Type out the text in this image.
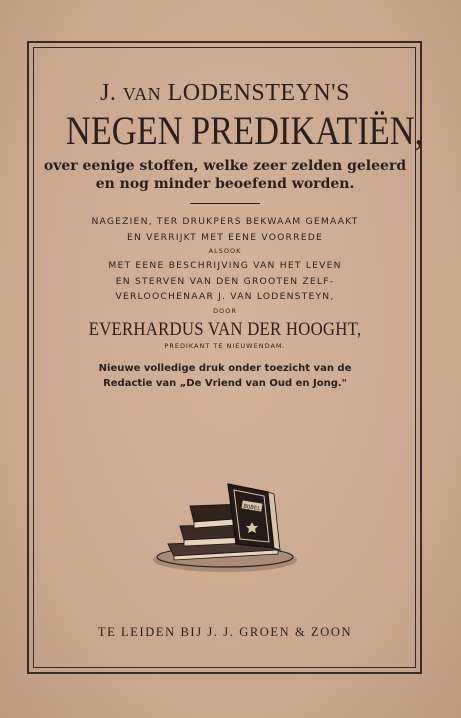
J. VAN LODENSTEYN'S

NEGEN PREDIKATIËN,

over eenige stoffen, welke zeer zelden geleerd
en nog minder beoefend worden.

NAGEZIEN, TER DRUKPERS BEKWAAM GEMAAKT
EN VERRIJKT MET EENE VOORREDE

ALSOOK

MET EENE BESCHRIJVING VAN HET LEVEN
EN STERVEN VAN DEN GROOTEN ZELF-
VERLOOCHENAAR J. VAN LODENSTEYN,

DOOR

EVERHARDUS VAN DER HOOGHT,

PREDIKANT TE NIEUWENDAM.

Nieuwe volledige druk onder toezicht van de
Redactie van „De Vriend van Oud en Jong."

BIJBEL

TE LEIDEN BIJ J. J. GROEN & ZOON
